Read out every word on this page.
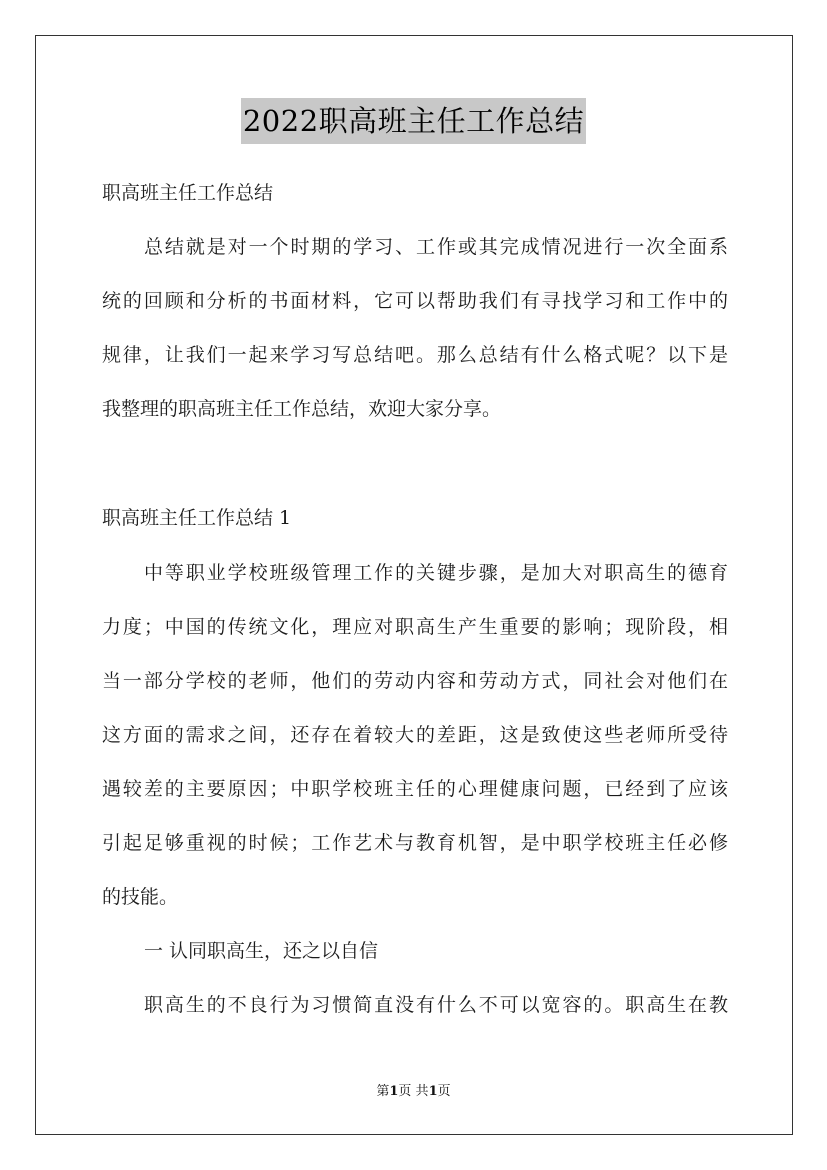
2022职高班主任工作总结
职高班主任工作总结
总结就是对一个时期的学习、工作或其完成情况进行一次全面系
统的回顾和分析的书面材料，它可以帮助我们有寻找学习和工作中的
规律，让我们一起来学习写总结吧。那么总结有什么格式呢？以下是
我整理的职高班主任工作总结，欢迎大家分享。
职高班主任工作总结 1
中等职业学校班级管理工作的关键步骤，是加大对职高生的德育
力度；中国的传统文化，理应对职高生产生重要的影响；现阶段，相
当一部分学校的老师，他们的劳动内容和劳动方式，同社会对他们在
这方面的需求之间，还存在着较大的差距，这是致使这些老师所受待
遇较差的主要原因；中职学校班主任的心理健康问题，已经到了应该
引起足够重视的时候；工作艺术与教育机智，是中职学校班主任必修
的技能。
一 认同职高生，还之以自信
职高生的不良行为习惯简直没有什么不可以宽容的。职高生在教
第1页 共1页
